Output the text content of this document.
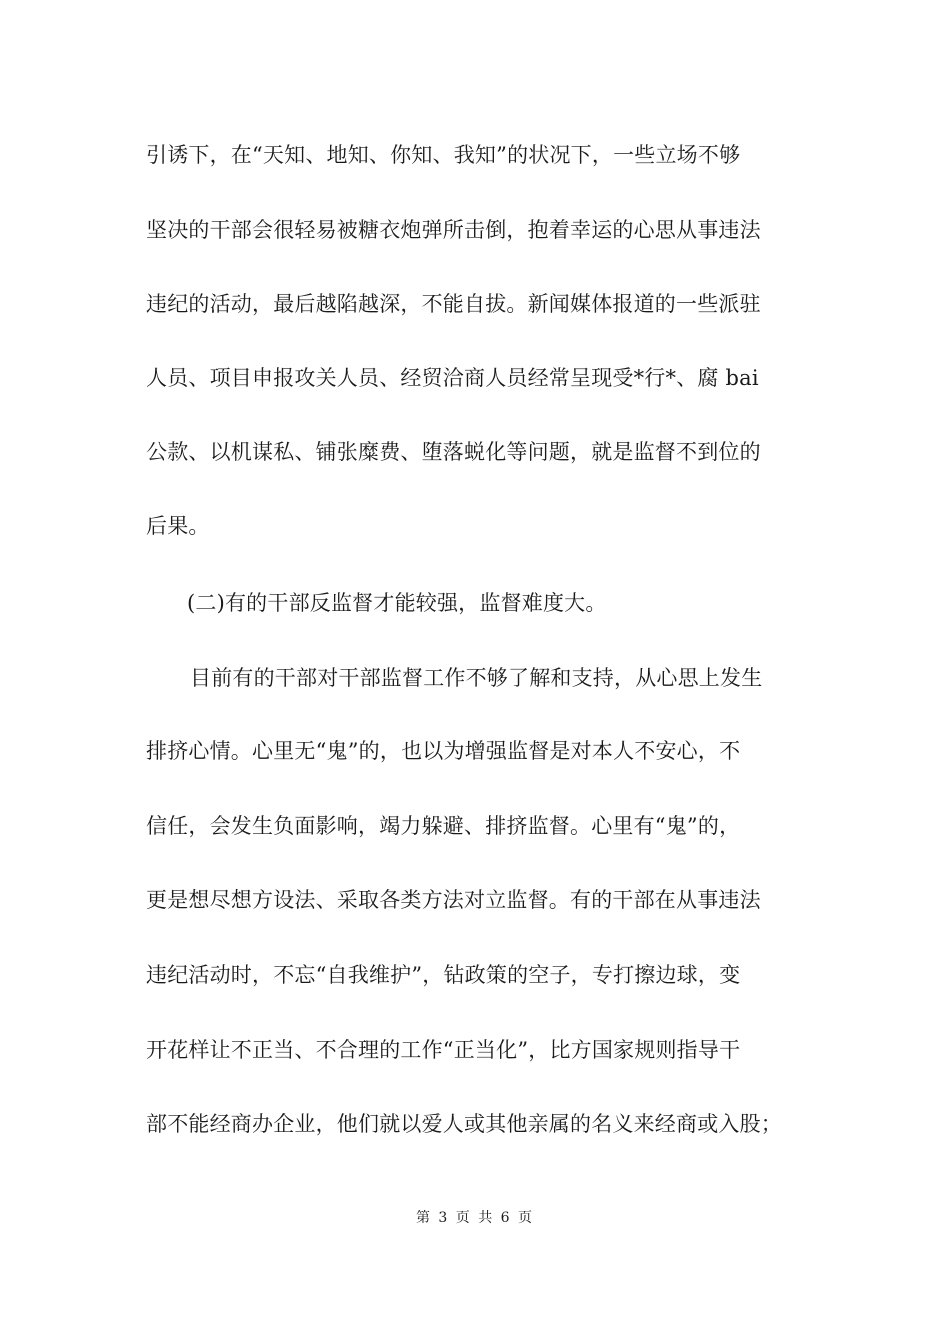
引诱下，在“天知、地知、你知、我知”的状况下，一些立场不够
坚决的干部会很轻易被糖衣炮弹所击倒，抱着幸运的心思从事违法
违纪的活动，最后越陷越深，不能自拔。新闻媒体报道的一些派驻
人员、项目申报攻关人员、经贸洽商人员经常呈现受*行*、腐 bai
公款、以机谋私、铺张糜费、堕落蜕化等问题，就是监督不到位的
后果。
(二)有的干部反监督才能较强，监督难度大。
目前有的干部对干部监督工作不够了解和支持，从心思上发生
排挤心情。心里无“鬼”的，也以为增强监督是对本人不安心，不
信任，会发生负面影响，竭力躲避、排挤监督。心里有“鬼”的，
更是想尽想方设法、采取各类方法对立监督。有的干部在从事违法
违纪活动时，不忘“自我维护”，钻政策的空子，专打擦边球，变
开花样让不正当、不合理的工作“正当化”，比方国家规则指导干
部不能经商办企业，他们就以爱人或其他亲属的名义来经商或入股；
第 3 页 共 6 页
